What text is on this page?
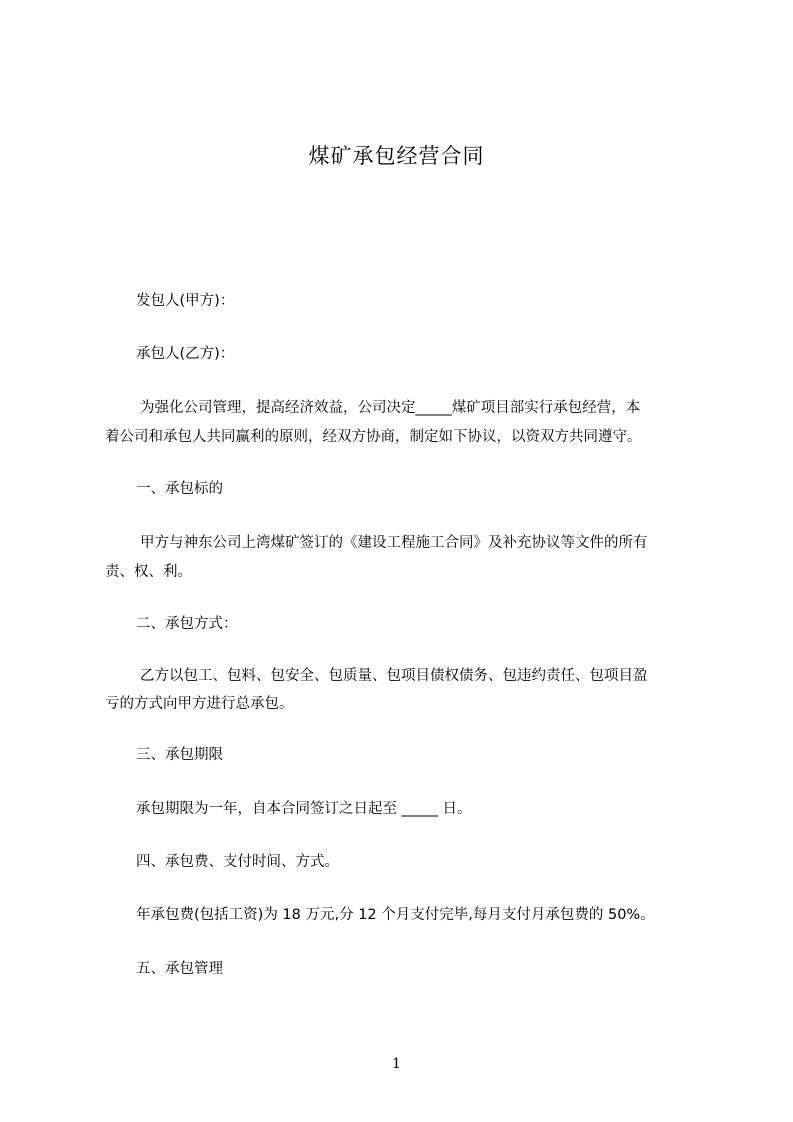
煤矿承包经营合同
发包人(甲方)：
承包人(乙方)：
为强化公司管理，提高经济效益，公司决定_____煤矿项目部实行承包经营，本
着公司和承包人共同赢利的原则，经双方协商，制定如下协议，以资双方共同遵守。
一、承包标的
甲方与神东公司上湾煤矿签订的《建设工程施工合同》及补充协议等文件的所有
责、权、利。
二、承包方式：
乙方以包工、包料、包安全、包质量、包项目债权债务、包违约责任、包项目盈
亏的方式向甲方进行总承包。
三、承包期限
承包期限为一年，自本合同签订之日起至 _____ 日。
四、承包费、支付时间、方式。
年承包费(包括工资)为 18 万元,分 12 个月支付完毕,每月支付月承包费的 50%。
五、承包管理
1
